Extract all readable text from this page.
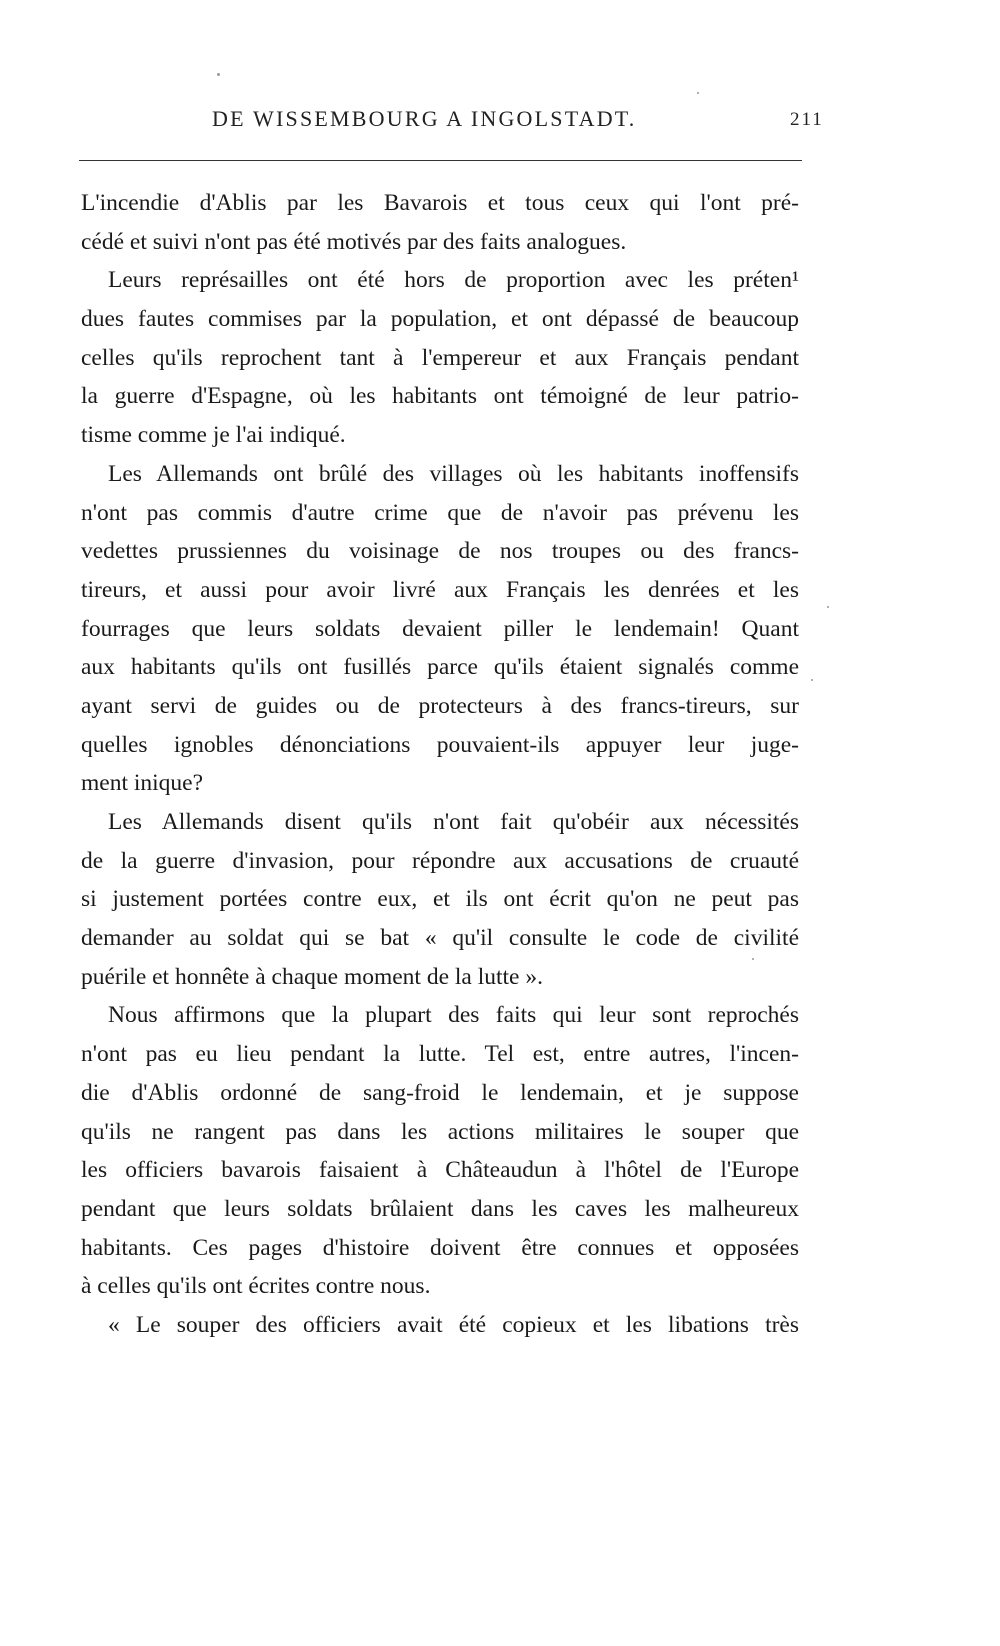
DE WISSEMBOURG A INGOLSTADT.	211
L'incendie d'Ablis par les Bavarois et tous ceux qui l'ont pré-
cédé et suivi n'ont pas été motivés par des faits analogues.
Leurs représailles ont été hors de proportion avec les préten¹
dues fautes commises par la population, et ont dépassé de beaucoup
celles qu'ils reprochent tant à l'empereur et aux Français pendant
la guerre d'Espagne, où les habitants ont témoigné de leur patrio-
tisme comme je l'ai indiqué.
Les Allemands ont brûlé des villages où les habitants inoffensifs
n'ont pas commis d'autre crime que de n'avoir pas prévenu les
vedettes prussiennes du voisinage de nos troupes ou des francs-
tireurs, et aussi pour avoir livré aux Français les denrées et les
fourrages que leurs soldats devaient piller le lendemain! Quant
aux habitants qu'ils ont fusillés parce qu'ils étaient signalés comme
ayant servi de guides ou de protecteurs à des francs-tireurs, sur
quelles ignobles dénonciations pouvaient-ils appuyer leur juge-
ment inique?
Les Allemands disent qu'ils n'ont fait qu'obéir aux nécessités
de la guerre d'invasion, pour répondre aux accusations de cruauté
si justement portées contre eux, et ils ont écrit qu'on ne peut pas
demander au soldat qui se bat « qu'il consulte le code de civilité
puérile et honnête à chaque moment de la lutte ».
Nous affirmons que la plupart des faits qui leur sont reprochés
n'ont pas eu lieu pendant la lutte. Tel est, entre autres, l'incen-
die d'Ablis ordonné de sang-froid le lendemain, et je suppose
qu'ils ne rangent pas dans les actions militaires le souper que
les officiers bavarois faisaient à Châteaudun à l'hôtel de l'Europe
pendant que leurs soldats brûlaient dans les caves les malheureux
habitants. Ces pages d'histoire doivent être connues et opposées
à celles qu'ils ont écrites contre nous.
« Le souper des officiers avait été copieux et les libations très
